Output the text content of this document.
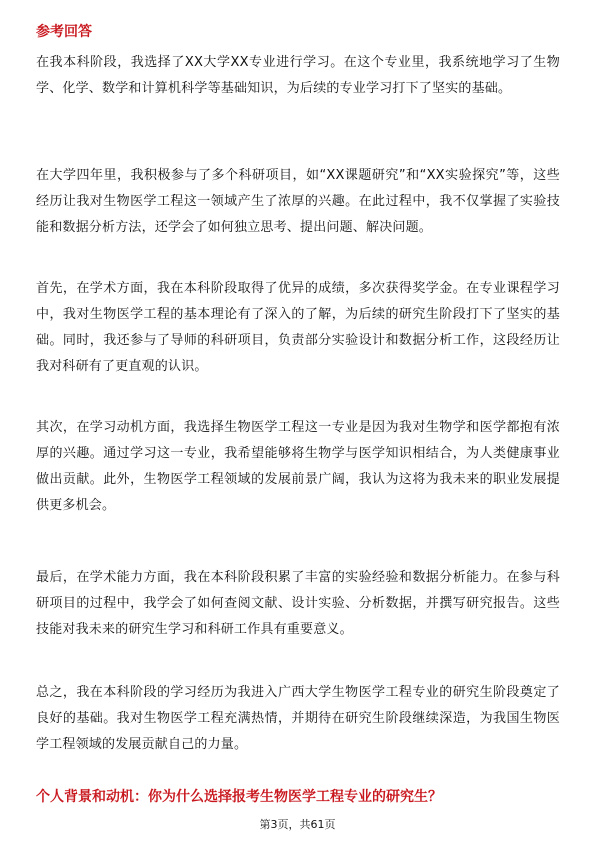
参考回答

在我本科阶段，我选择了XX大学XX专业进行学习。在这个专业里，我系统地学习了生物学、化学、数学和计算机科学等基础知识，为后续的专业学习打下了坚实的基础。

在大学四年里，我积极参与了多个科研项目，如“XX课题研究”和“XX实验探究”等，这些经历让我对生物医学工程这一领域产生了浓厚的兴趣。在此过程中，我不仅掌握了实验技能和数据分析方法，还学会了如何独立思考、提出问题、解决问题。

首先，在学术方面，我在本科阶段取得了优异的成绩，多次获得奖学金。在专业课程学习中，我对生物医学工程的基本理论有了深入的了解，为后续的研究生阶段打下了坚实的基础。同时，我还参与了导师的科研项目，负责部分实验设计和数据分析工作，这段经历让我对科研有了更直观的认识。

其次，在学习动机方面，我选择生物医学工程这一专业是因为我对生物学和医学都抱有浓厚的兴趣。通过学习这一专业，我希望能够将生物学与医学知识相结合，为人类健康事业做出贡献。此外，生物医学工程领域的发展前景广阔，我认为这将为我未来的职业发展提供更多机会。

最后，在学术能力方面，我在本科阶段积累了丰富的实验经验和数据分析能力。在参与科研项目的过程中，我学会了如何查阅文献、设计实验、分析数据，并撰写研究报告。这些技能对我未来的研究生学习和科研工作具有重要意义。

总之，我在本科阶段的学习经历为我进入广西大学生物医学工程专业的研究生阶段奠定了良好的基础。我对生物医学工程充满热情，并期待在研究生阶段继续深造，为我国生物医学工程领域的发展贡献自己的力量。

个人背景和动机：你为什么选择报考生物医学工程专业的研究生？
第3页，共61页
